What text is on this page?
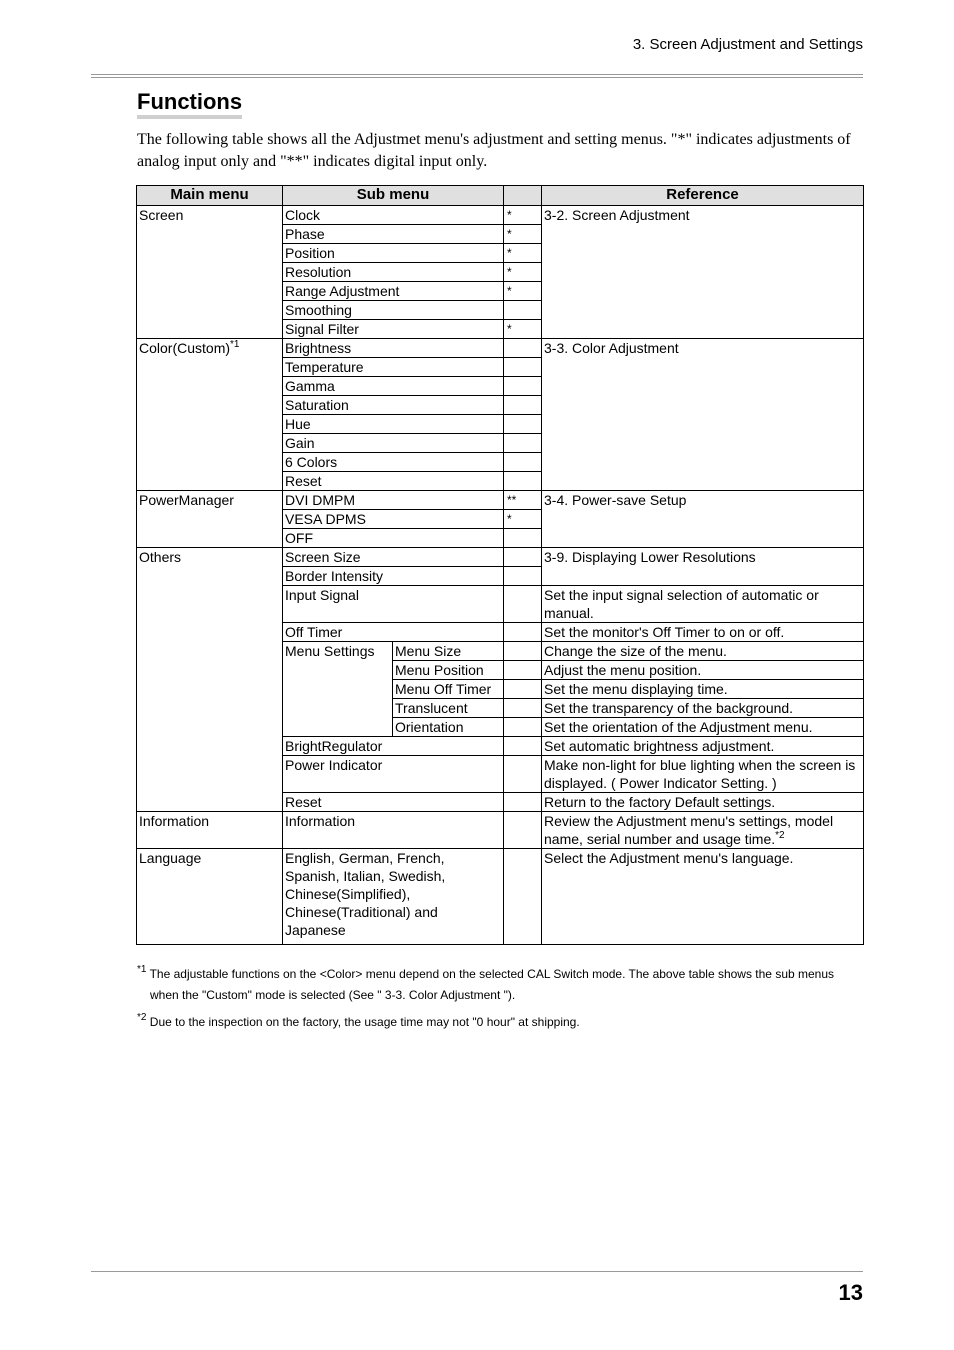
3. Screen Adjustment and Settings
Functions
The following table shows all the Adjustmet menu's adjustment and setting menus. "*" indicates adjustments of analog input only and "**" indicates digital input only.
Main menu	Sub menu			Reference
Screen	Clock		*	3-2. Screen Adjustment
	Phase		*	
	Position		*	
	Resolution		*	
	Range Adjustment		*	
	Smoothing			
	Signal Filter		*	
Color(Custom)$^{*1}$	Brightness			3-3. Color Adjustment
	Temperature			
	Gamma			
	Saturation			
	Hue			
	Gain			
	6 Colors			
	Reset			
PowerManager	DVI DMPM		**	3-4. Power-save Setup
	VESA DPMS		*	
	OFF			
Others	Screen Size			3-9. Displaying Lower Resolutions
	Border Intensity			
	Input Signal			Set the input signal selection of automatic or manual.
	Off Timer			Set the monitor's Off Timer to on or off.
	Menu Settings	Menu Size		Change the size of the menu.
		Menu Position		Adjust the menu position.
		Menu Off Timer		Set the menu displaying time.
		Translucent		Set the transparency of the background.
		Orientation		Set the orientation of the Adjustment menu.
	BrightRegulator			Set automatic brightness adjustment.
	Power Indicator			Make non-light for blue lighting when the screen is displayed. ( Power Indicator Setting. )
	Reset			Return to the factory Default settings.
Information	Information			Review the Adjustment menu's settings, model name, serial number and usage time.$^{*2}$
Language	English, German, French, Spanish, Italian, Swedish, Chinese(Simplified), Chinese(Traditional) and Japanese			Select the Adjustment menu's language.
$^{*1}$ The adjustable functions on the <Color> menu depend on the selected CAL Switch mode. The above table shows the sub menus when the "Custom" mode is selected (See " 3-3. Color Adjustment ").
$^{*2}$ Due to the inspection on the factory, the usage time may not "0 hour" at shipping.
13
